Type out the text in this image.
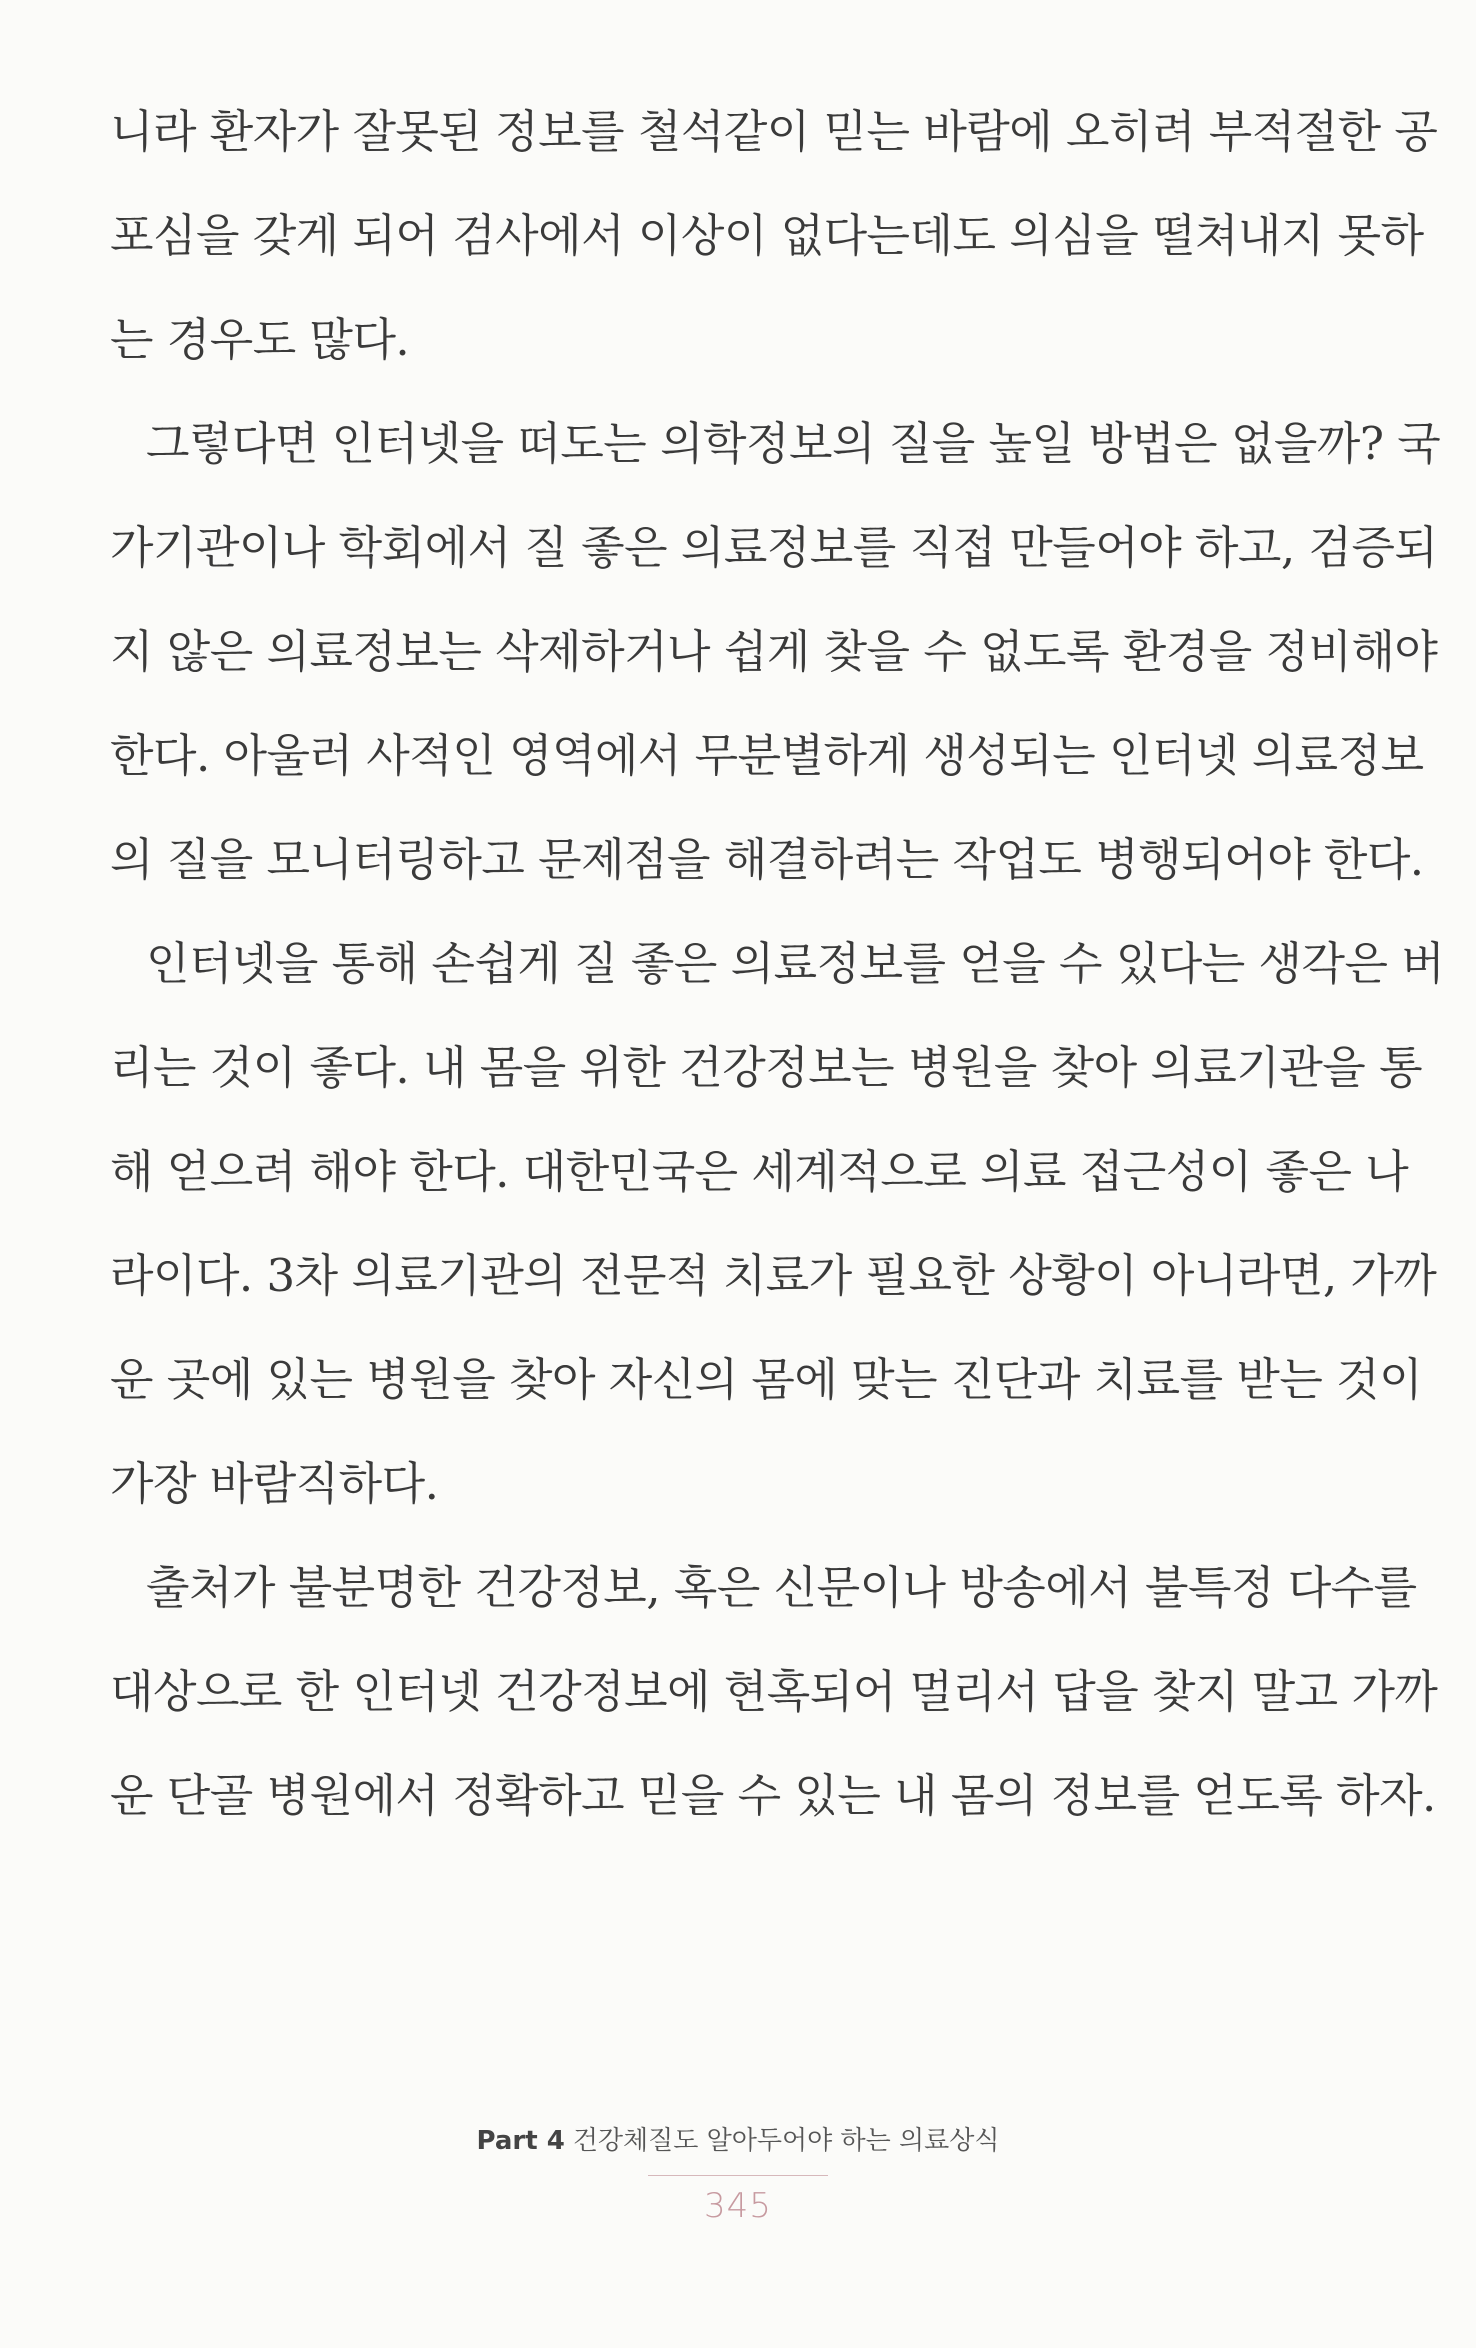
니라 환자가 잘못된 정보를 철석같이 믿는 바람에 오히려 부적절한 공
포심을 갖게 되어 검사에서 이상이 없다는데도 의심을 떨쳐내지 못하
는 경우도 많다.
그렇다면 인터넷을 떠도는 의학정보의 질을 높일 방법은 없을까? 국
가기관이나 학회에서 질 좋은 의료정보를 직접 만들어야 하고, 검증되
지 않은 의료정보는 삭제하거나 쉽게 찾을 수 없도록 환경을 정비해야
한다. 아울러 사적인 영역에서 무분별하게 생성되는 인터넷 의료정보
의 질을 모니터링하고 문제점을 해결하려는 작업도 병행되어야 한다.
인터넷을 통해 손쉽게 질 좋은 의료정보를 얻을 수 있다는 생각은 버
리는 것이 좋다. 내 몸을 위한 건강정보는 병원을 찾아 의료기관을 통
해 얻으려 해야 한다. 대한민국은 세계적으로 의료 접근성이 좋은 나
라이다. 3차 의료기관의 전문적 치료가 필요한 상황이 아니라면, 가까
운 곳에 있는 병원을 찾아 자신의 몸에 맞는 진단과 치료를 받는 것이
가장 바람직하다.
출처가 불분명한 건강정보, 혹은 신문이나 방송에서 불특정 다수를
대상으로 한 인터넷 건강정보에 현혹되어 멀리서 답을 찾지 말고 가까
운 단골 병원에서 정확하고 믿을 수 있는 내 몸의 정보를 얻도록 하자.
Part 4 건강체질도 알아두어야 하는 의료상식
345
